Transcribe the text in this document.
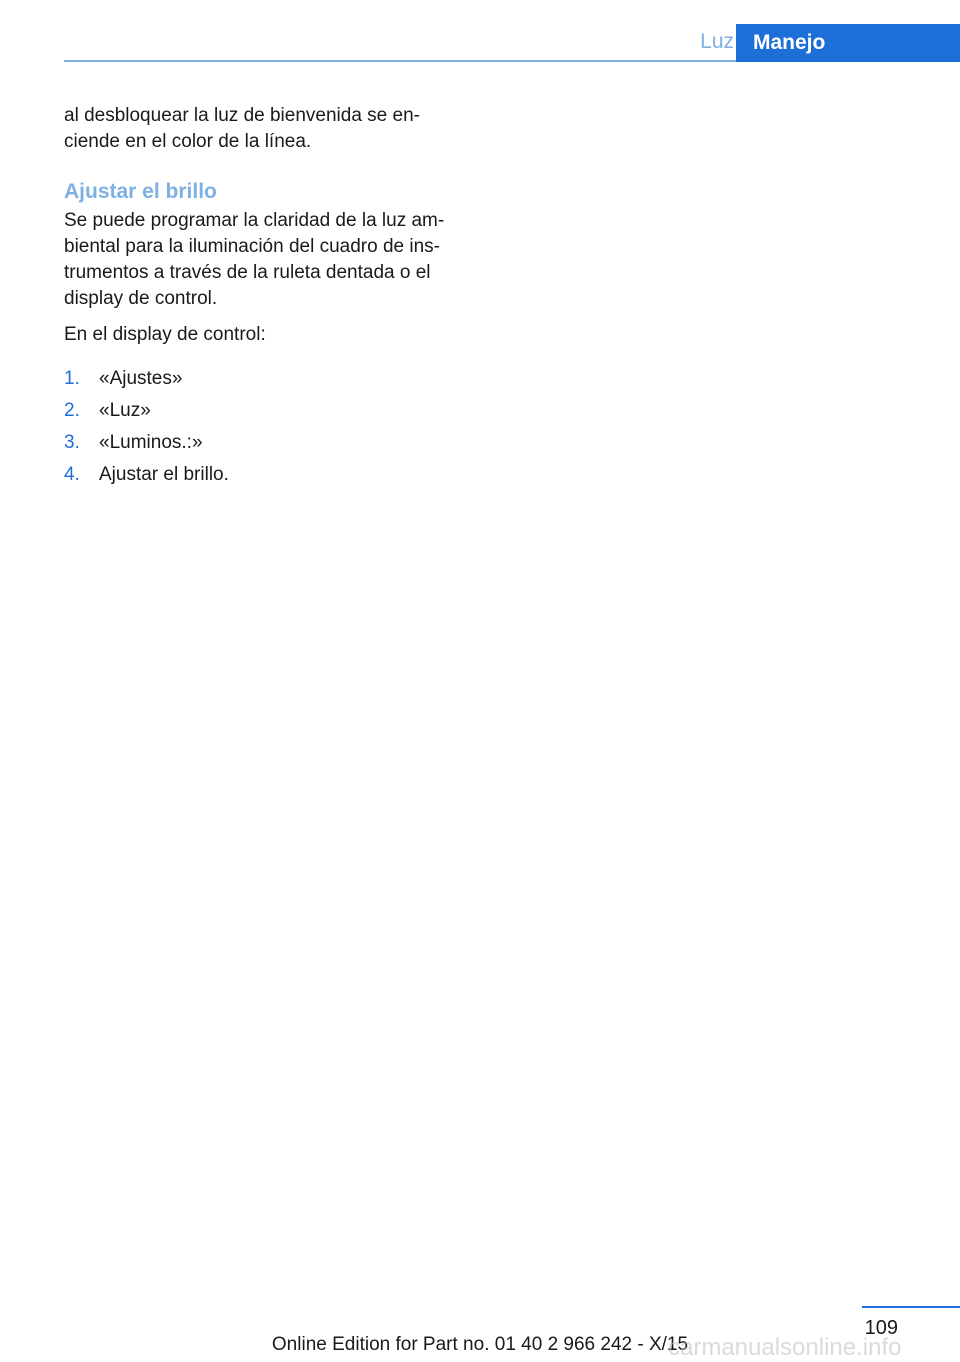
Luz Manejo

al desbloquear la luz de bienvenida se en‐ ciende en el color de la línea.

Ajustar el brillo

Se puede programar la claridad de la luz am‐ biental para la iluminación del cuadro de ins‐ trumentos a través de la ruleta dentada o el display de control.

En el display de control:

1.	«Ajustes»
2.	«Luz»
3.	«Luminos.:»
4.	Ajustar el brillo.
109
Online Edition for Part no. 01 40 2 966 242 - X/15
carmanualsonline.info
